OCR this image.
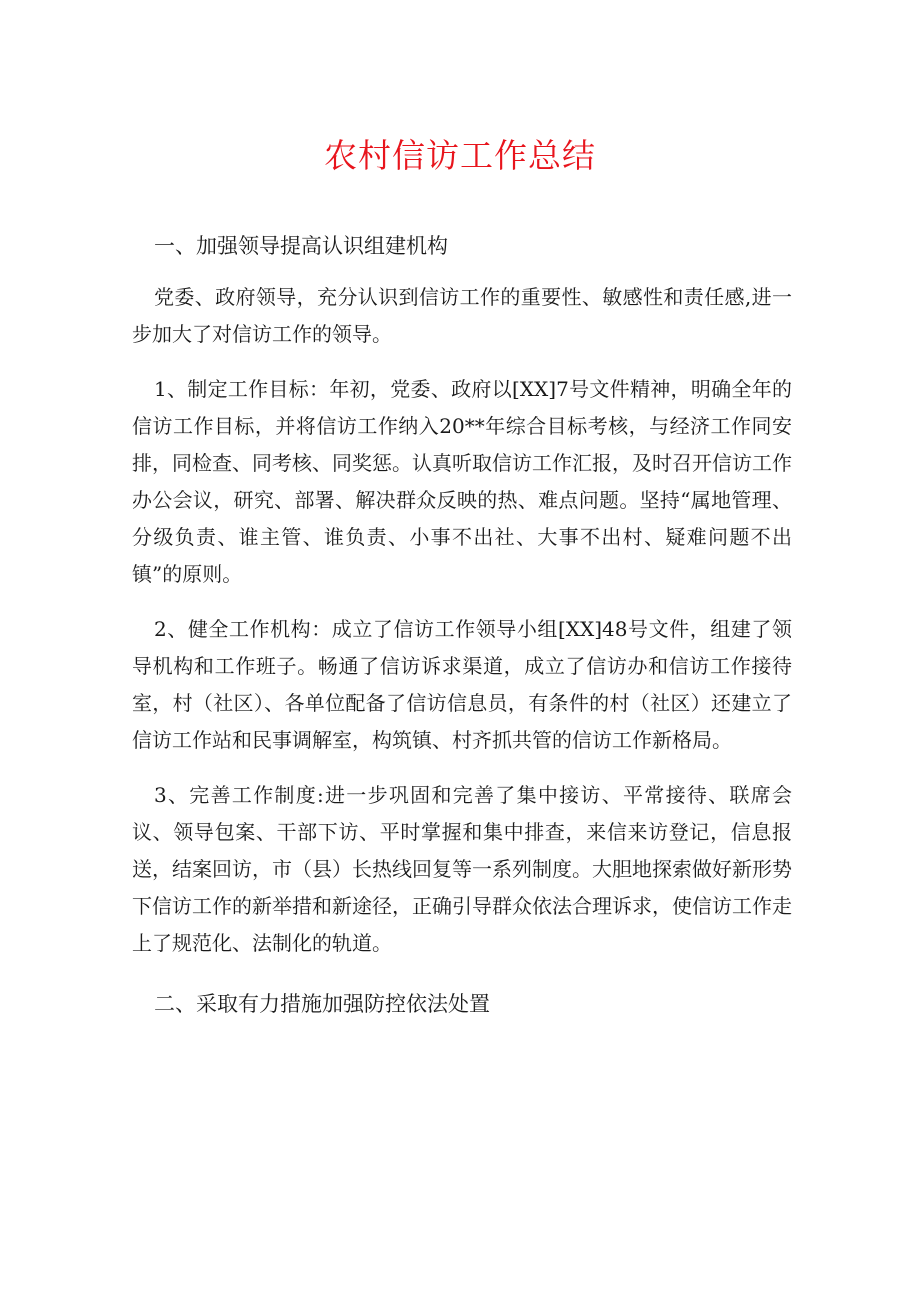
农村信访工作总结
一、加强领导提高认识组建机构

党委、政府领导，充分认识到信访工作的重要性、敏感性和责任感,进一步加大了对信访工作的领导。

1、制定工作目标：年初，党委、政府以[XX]7号文件精神，明确全年的信访工作目标，并将信访工作纳入20**年综合目标考核，与经济工作同安排，同检查、同考核、同奖惩。认真听取信访工作汇报，及时召开信访工作办公会议，研究、部署、解决群众反映的热、难点问题。坚持“属地管理、分级负责、谁主管、谁负责、小事不出社、大事不出村、疑难问题不出镇”的原则。

2、健全工作机构：成立了信访工作领导小组[XX]48号文件，组建了领导机构和工作班子。畅通了信访诉求渠道，成立了信访办和信访工作接待室，村（社区）、各单位配备了信访信息员，有条件的村（社区）还建立了信访工作站和民事调解室，构筑镇、村齐抓共管的信访工作新格局。

3、完善工作制度:进一步巩固和完善了集中接访、平常接待、联席会议、领导包案、干部下访、平时掌握和集中排查，来信来访登记，信息报送，结案回访，市（县）长热线回复等一系列制度。大胆地探索做好新形势下信访工作的新举措和新途径，正确引导群众依法合理诉求，使信访工作走上了规范化、法制化的轨道。

二、采取有力措施加强防控依法处置
